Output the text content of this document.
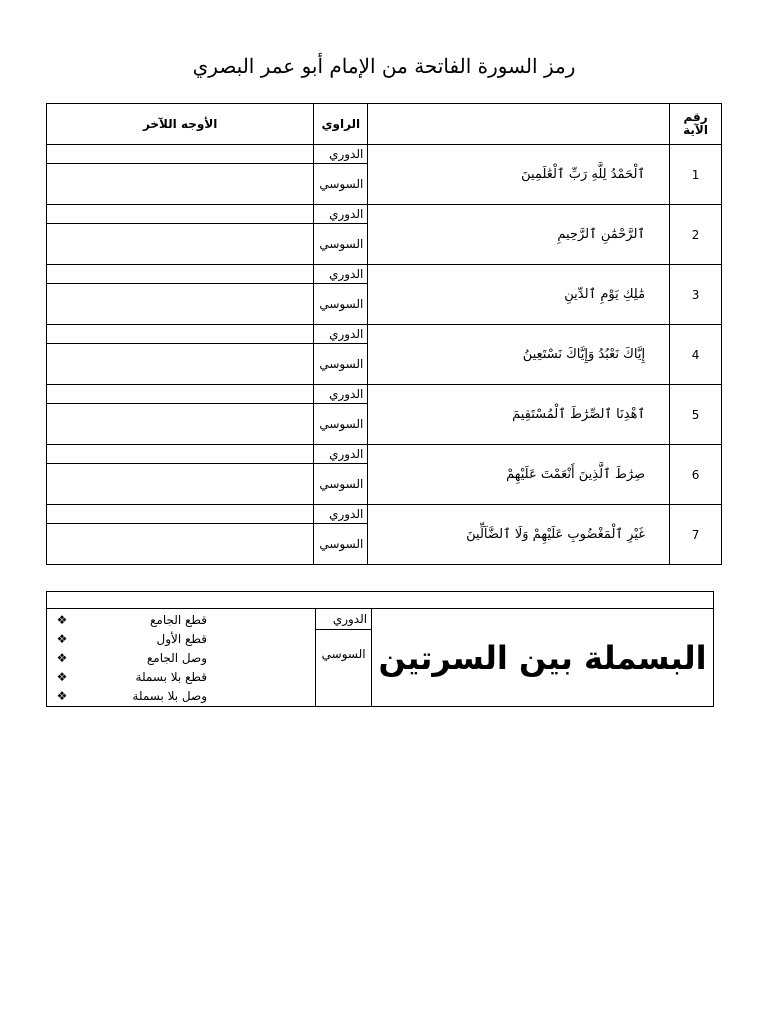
رمز السورة الفاتحة من الإمام أبو عمر البصري
رقم الآية		الراوي	الأوجه اللآخر
1	ٱلْحَمْدُ لِلَّهِ رَبِّ ٱلْعَٰلَمِينَ	الدوري	

		السوسي	

2	ٱلرَّحْمَٰنِ ٱلرَّحِيمِ	الدوري	

		السوسي	

3	مَٰلِكِ يَوْمِ ٱلدِّينِ	الدوري	

		السوسي	

4	إِيَّاكَ نَعْبُدُ وَإِيَّاكَ نَسْتَعِينُ	الدوري	

		السوسي	

5	ٱهْدِنَا ٱلصِّرَٰطَ ٱلْمُسْتَقِيمَ	الدوري	

		السوسي	

6	صِرَٰطَ ٱلَّذِينَ أَنْعَمْتَ عَلَيْهِمْ	الدوري	

		السوسي	

7	غَيْرِ ٱلْمَغْضُوبِ عَلَيْهِمْ وَلَا ٱلضَّآلِّينَ	الدوري	

		السوسي	

البسملة بين السرتين	
الدوري
السوسي

قطع الجامع
❖
قطع الأول
❖
وصل الجامع
❖
قطع بلا بسملة
❖
وصل بلا بسملة
❖
